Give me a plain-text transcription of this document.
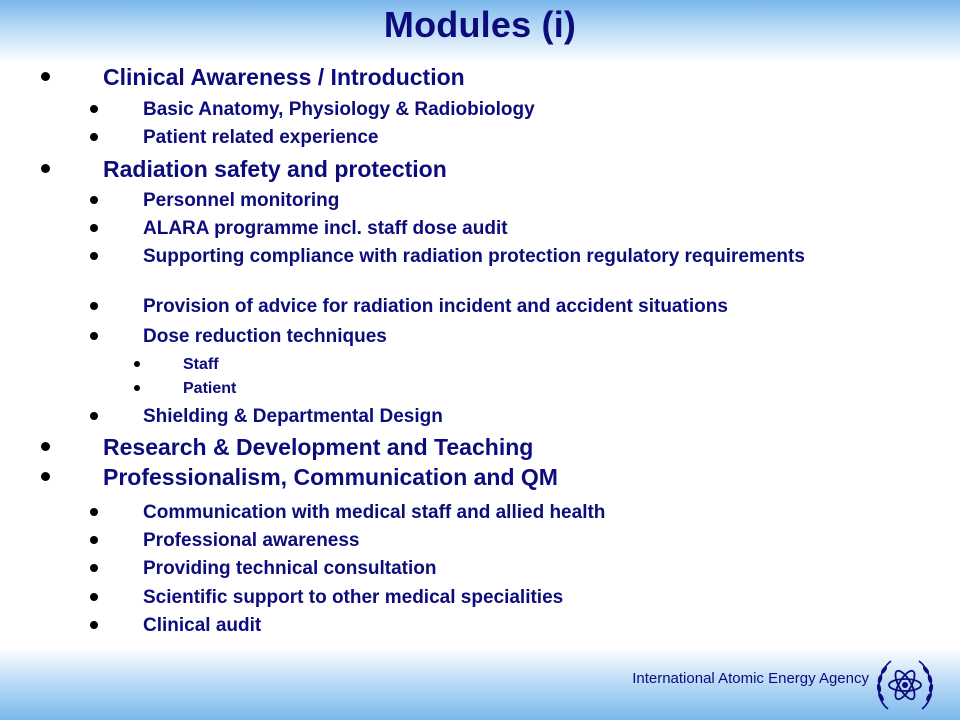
Modules (i)
Clinical Awareness / Introduction
Basic Anatomy, Physiology & Radiobiology
Patient related experience
Radiation safety and protection
Personnel monitoring
ALARA programme incl. staff dose audit
Supporting compliance with radiation protection regulatory requirements
Provision of advice for radiation incident and accident situations
Dose reduction techniques
Staff
Patient
Shielding & Departmental Design
Research & Development and Teaching
Professionalism, Communication and QM
Communication with medical staff and allied health
Professional awareness
Providing technical consultation
Scientific support to other medical specialities
Clinical audit
International Atomic Energy Agency
